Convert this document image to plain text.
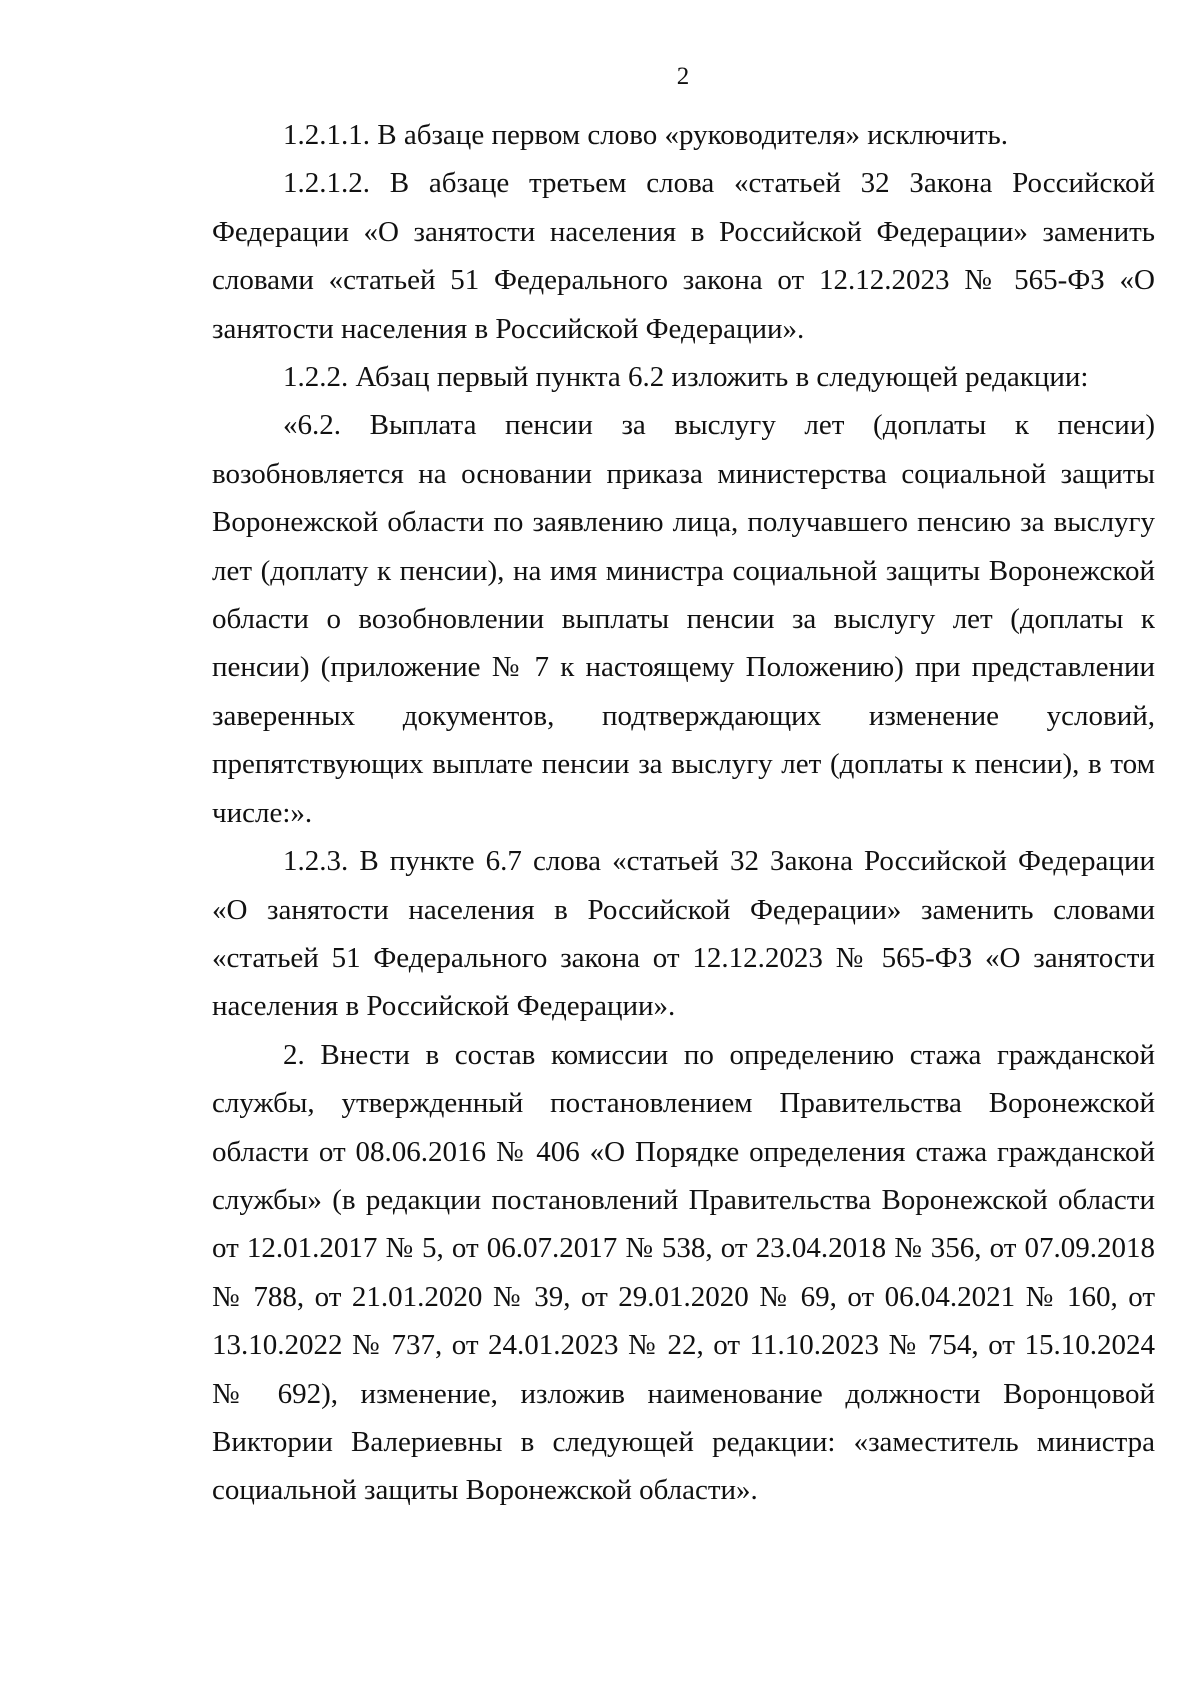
2

1.2.1.1. В абзаце первом слово «руководителя» исключить.

1.2.1.2. В абзаце третьем слова «статьей 32 Закона Российской Федерации «О занятости населения в Российской Федерации» заменить словами «статьей 51 Федерального закона от 12.12.2023 № 565-ФЗ «О занятости населения в Российской Федерации».

1.2.2. Абзац первый пункта 6.2 изложить в следующей редакции:

«6.2. Выплата пенсии за выслугу лет (доплаты к пенсии) возобновляется на основании приказа министерства социальной защиты Воронежской области по заявлению лица, получавшего пенсию за выслугу лет (доплату к пенсии), на имя министра социальной защиты Воронежской области о возобновлении выплаты пенсии за выслугу лет (доплаты к пенсии) (приложение № 7 к настоящему Положению) при представлении заверенных документов, подтверждающих изменение условий, препятствующих выплате пенсии за выслугу лет (доплаты к пенсии), в том числе:».

1.2.3. В пункте 6.7 слова «статьей 32 Закона Российской Федерации «О занятости населения в Российской Федерации» заменить словами «статьей 51 Федерального закона от 12.12.2023 № 565-ФЗ «О занятости населения в Российской Федерации».

2. Внести в состав комиссии по определению стажа гражданской службы, утвержденный постановлением Правительства Воронежской области от 08.06.2016 № 406 «О Порядке определения стажа гражданской службы» (в редакции постановлений Правительства Воронежской области от 12.01.2017 № 5, от 06.07.2017 № 538, от 23.04.2018 № 356, от 07.09.2018 № 788, от 21.01.2020 № 39, от 29.01.2020 № 69, от 06.04.2021 № 160, от 13.10.2022 № 737, от 24.01.2023 № 22, от 11.10.2023 № 754, от 15.10.2024 № 692), изменение, изложив наименование должности Воронцовой Виктории Валериевны в следующей редакции: «заместитель министра социальной защиты Воронежской области».
